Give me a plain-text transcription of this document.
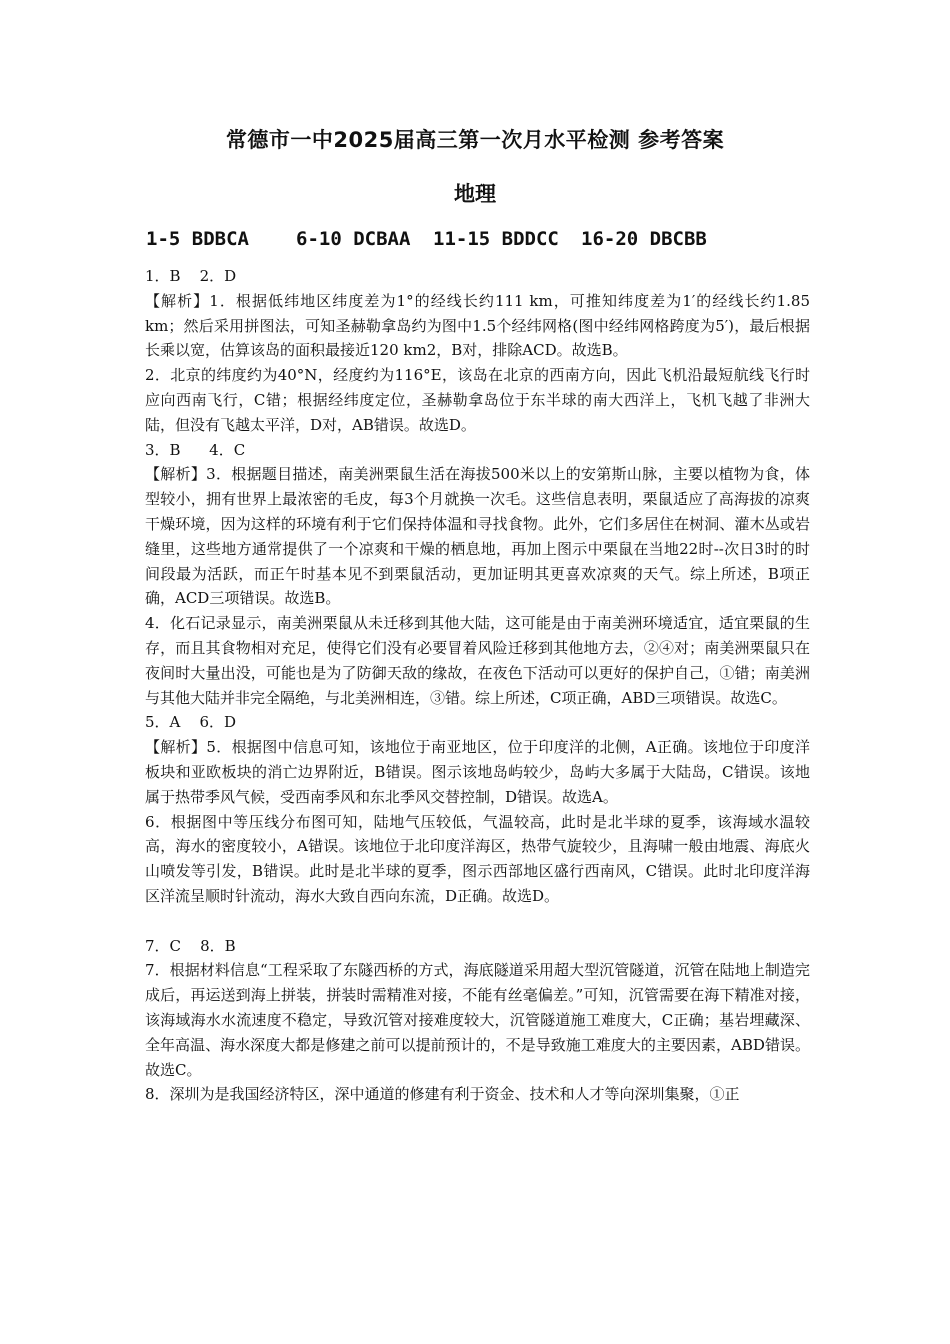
常德市一中2025届高三第一次月水平检测 参考答案
地理
1-5 BDBCA 6-10 DCBAA 11-15 BDDCC 16-20 DBCBB

1．B    2．D

【解析】1．根据低纬地区纬度差为1°的经线长约111 km，可推知纬度差为1′的经线长约1.85 km；然后采用拼图法，可知圣赫勒拿岛约为图中1.5个经纬网格(图中经纬网格跨度为5′)，最后根据长乘以宽，估算该岛的面积最接近120 km2，B对，排除ACD。故选B。

2．北京的纬度约为40°N，经度约为116°E，该岛在北京的西南方向，因此飞机沿最短航线飞行时应向西南飞行，C错；根据经纬度定位，圣赫勒拿岛位于东半球的南大西洋上，飞机飞越了非洲大陆，但没有飞越太平洋，D对，AB错误。故选D。

3．B      4．C

【解析】3．根据题目描述，南美洲栗鼠生活在海拔500米以上的安第斯山脉，主要以植物为食，体型较小，拥有世界上最浓密的毛皮，每3个月就换一次毛。这些信息表明，栗鼠适应了高海拔的凉爽干燥环境，因为这样的环境有利于它们保持体温和寻找食物。此外，它们多居住在树洞、灌木丛或岩缝里，这些地方通常提供了一个凉爽和干燥的栖息地，再加上图示中栗鼠在当地22时--次日3时的时间段最为活跃，而正午时基本见不到栗鼠活动，更加证明其更喜欢凉爽的天气。综上所述，B项正确，ACD三项错误。故选B。

4．化石记录显示，南美洲栗鼠从未迁移到其他大陆，这可能是由于南美洲环境适宜，适宜栗鼠的生存，而且其食物相对充足，使得它们没有必要冒着风险迁移到其他地方去，②④对；南美洲栗鼠只在夜间时大量出没，可能也是为了防御天敌的缘故，在夜色下活动可以更好的保护自己，①错；南美洲与其他大陆并非完全隔绝，与北美洲相连，③错。综上所述，C项正确，ABD三项错误。故选C。

5．A    6．D

【解析】5．根据图中信息可知，该地位于南亚地区，位于印度洋的北侧，A正确。该地位于印度洋板块和亚欧板块的消亡边界附近，B错误。图示该地岛屿较少，岛屿大多属于大陆岛，C错误。该地属于热带季风气候，受西南季风和东北季风交替控制，D错误。故选A。

6．根据图中等压线分布图可知，陆地气压较低，气温较高，此时是北半球的夏季，该海域水温较高，海水的密度较小，A错误。该地位于北印度洋海区，热带气旋较少，且海啸一般由地震、海底火山喷发等引发，B错误。此时是北半球的夏季，图示西部地区盛行西南风，C错误。此时北印度洋海区洋流呈顺时针流动，海水大致自西向东流，D正确。故选D。

7．C    8．B

7．根据材料信息“工程采取了东隧西桥的方式，海底隧道采用超大型沉管隧道，沉管在陆地上制造完成后，再运送到海上拼装，拼装时需精准对接，不能有丝毫偏差。”可知，沉管需要在海下精准对接，该海域海水水流速度不稳定，导致沉管对接难度较大，沉管隧道施工难度大，C正确；基岩埋藏深、全年高温、海水深度大都是修建之前可以提前预计的，不是导致施工难度大的主要因素，ABD错误。故选C。

8．深圳为是我国经济特区，深中通道的修建有利于资金、技术和人才等向深圳集聚，①正
